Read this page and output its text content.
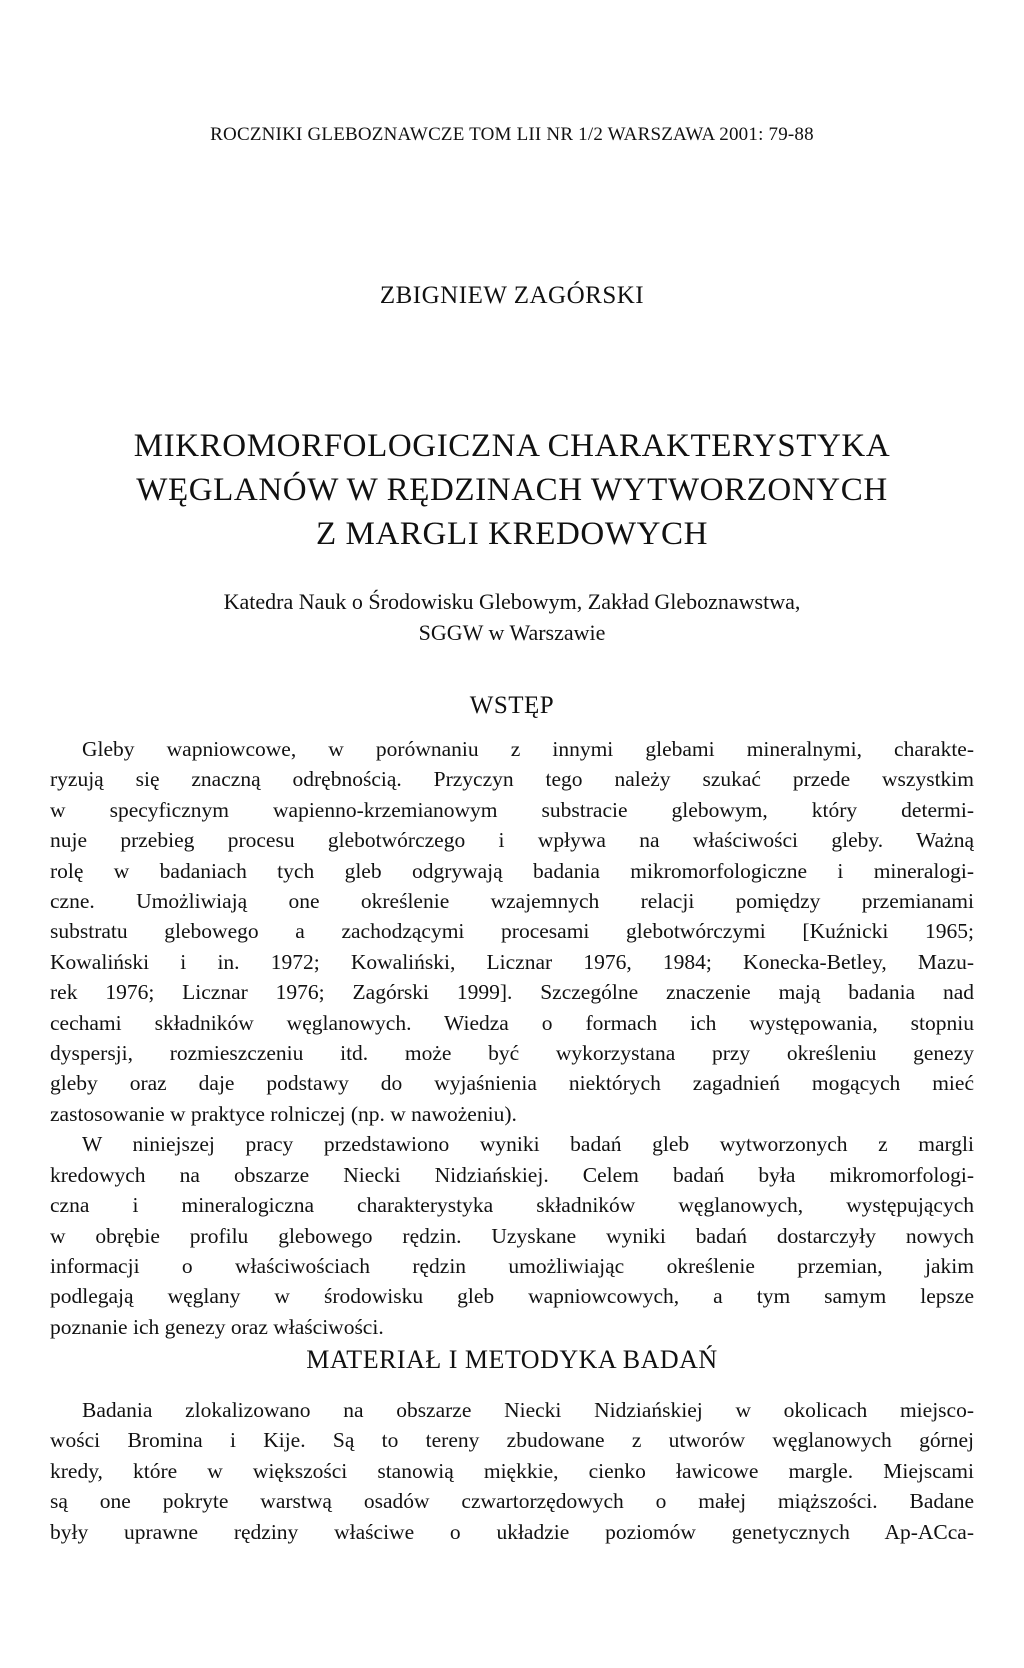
ROCZNIKI GLEBOZNAWCZE TOM LII NR 1/2 WARSZAWA 2001: 79-88
ZBIGNIEW ZAGÓRSKI
MIKROMORFOLOGICZNA CHARAKTERYSTYKA
WĘGLANÓW W RĘDZINACH WYTWORZONYCH
Z MARGLI KREDOWYCH
Katedra Nauk o Środowisku Glebowym, Zakład Gleboznawstwa,
SGGW w Warszawie
WSTĘP

Gleby wapniowcowe, w porównaniu z innymi glebami mineralnymi, charakte-
ryzują się znaczną odrębnością. Przyczyn tego należy szukać przede wszystkim
w specyficznym wapienno-krzemianowym substracie glebowym, który determi-
nuje przebieg procesu glebotwórczego i wpływa na właściwości gleby. Ważną
rolę w badaniach tych gleb odgrywają badania mikromorfologiczne i mineralogi-
czne. Umożliwiają one określenie wzajemnych relacji pomiędzy przemianami
substratu glebowego a zachodzącymi procesami glebotwórczymi [Kuźnicki 1965;
Kowaliński i in. 1972; Kowaliński, Licznar 1976, 1984; Konecka-Betley, Mazu-
rek 1976; Licznar 1976; Zagórski 1999]. Szczególne znaczenie mają badania nad
cechami składników węglanowych. Wiedza o formach ich występowania, stopniu
dyspersji, rozmieszczeniu itd. może być wykorzystana przy określeniu genezy
gleby oraz daje podstawy do wyjaśnienia niektórych zagadnień mogących mieć
zastosowanie w praktyce rolniczej (np. w nawożeniu).

W niniejszej pracy przedstawiono wyniki badań gleb wytworzonych z margli
kredowych na obszarze Niecki Nidziańskiej. Celem badań była mikromorfologi-
czna i mineralogiczna charakterystyka składników węglanowych, występujących
w obrębie profilu glebowego rędzin. Uzyskane wyniki badań dostarczyły nowych
informacji o właściwościach rędzin umożliwiając określenie przemian, jakim
podlegają węglany w środowisku gleb wapniowcowych, a tym samym lepsze
poznanie ich genezy oraz właściwości.

MATERIAŁ I METODYKA BADAŃ

Badania zlokalizowano na obszarze Niecki Nidziańskiej w okolicach miejsco-
wości Bromina i Kije. Są to tereny zbudowane z utworów węglanowych górnej
kredy, które w większości stanowią miękkie, cienko ławicowe margle. Miejscami
są one pokryte warstwą osadów czwartorzędowych o małej miąższości. Badane
były uprawne rędziny właściwe o układzie poziomów genetycznych Ap-ACca-
